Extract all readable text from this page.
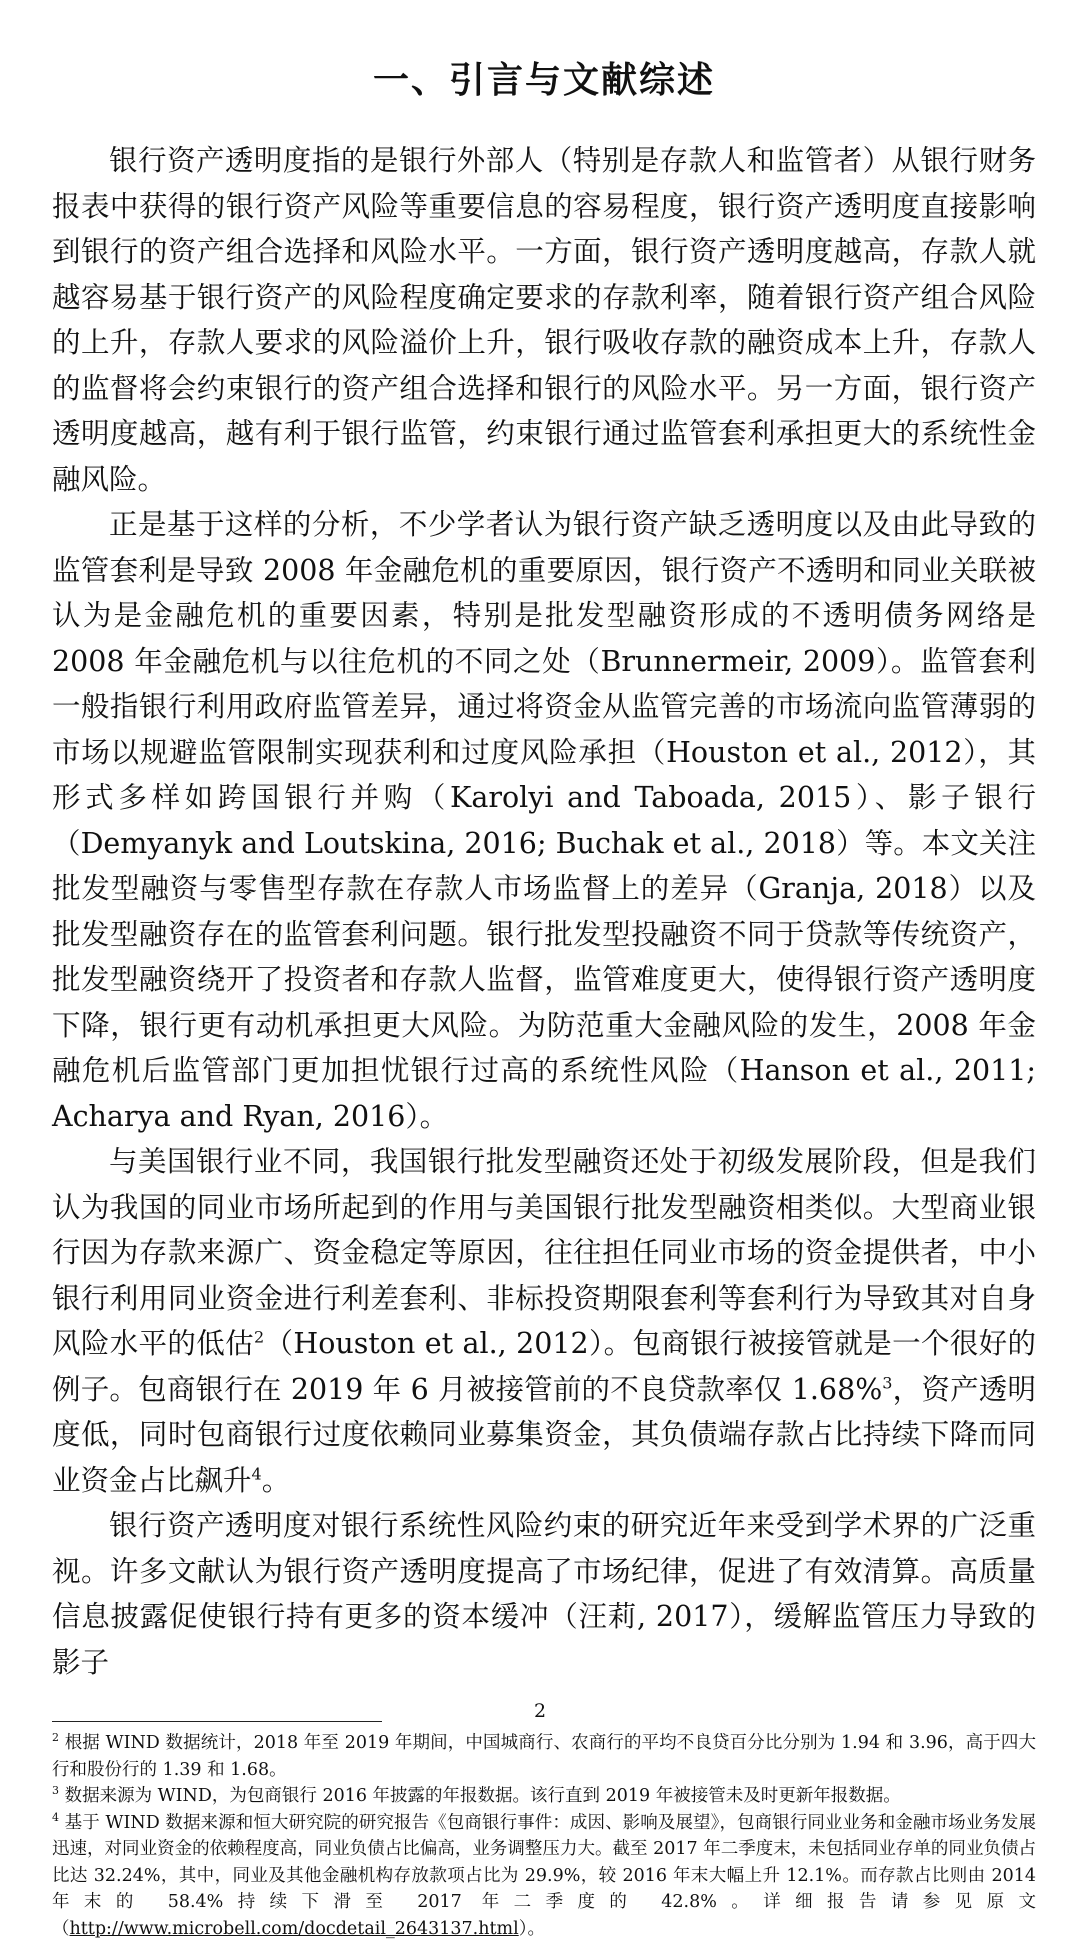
一、引言与文献综述

银行资产透明度指的是银行外部人（特别是存款人和监管者）从银行财务报表中获得的银行资产风险等重要信息的容易程度，银行资产透明度直接影响到银行的资产组合选择和风险水平。一方面，银行资产透明度越高，存款人就越容易基于银行资产的风险程度确定要求的存款利率，随着银行资产组合风险的上升，存款人要求的风险溢价上升，银行吸收存款的融资成本上升，存款人的监督将会约束银行的资产组合选择和银行的风险水平。另一方面，银行资产透明度越高，越有利于银行监管，约束银行通过监管套利承担更大的系统性金融风险。

正是基于这样的分析，不少学者认为银行资产缺乏透明度以及由此导致的监管套利是导致 2008 年金融危机的重要原因，银行资产不透明和同业关联被认为是金融危机的重要因素，特别是批发型融资形成的不透明债务网络是 2008 年金融危机与以往危机的不同之处（Brunnermeir, 2009）。监管套利一般指银行利用政府监管差异，通过将资金从监管完善的市场流向监管薄弱的市场以规避监管限制实现获利和过度风险承担（Houston et al., 2012），其形式多样如跨国银行并购（Karolyi and Taboada, 2015）、影子银行（Demyanyk and Loutskina, 2016; Buchak et al., 2018）等。本文关注批发型融资与零售型存款在存款人市场监督上的差异（Granja, 2018）以及批发型融资存在的监管套利问题。银行批发型投融资不同于贷款等传统资产，批发型融资绕开了投资者和存款人监督，监管难度更大，使得银行资产透明度下降，银行更有动机承担更大风险。为防范重大金融风险的发生，2008 年金融危机后监管部门更加担忧银行过高的系统性风险（Hanson et al., 2011; Acharya and Ryan, 2016）。

与美国银行业不同，我国银行批发型融资还处于初级发展阶段，但是我们认为我国的同业市场所起到的作用与美国银行批发型融资相类似。大型商业银行因为存款来源广、资金稳定等原因，往往担任同业市场的资金提供者，中小银行利用同业资金进行利差套利、非标投资期限套利等套利行为导致其对自身风险水平的低估$^2$（Houston et al., 2012）。包商银行被接管就是一个很好的例子。包商银行在 2019 年 6 月被接管前的不良贷款率仅 1.68%$^3$，资产透明度低，同时包商银行过度依赖同业募集资金，其负债端存款占比持续下降而同业资金占比飙升$^4$。

银行资产透明度对银行系统性风险约束的研究近年来受到学术界的广泛重视。许多文献认为银行资产透明度提高了市场纪律，促进了有效清算。高质量信息披露促使银行持有更多的资本缓冲（汪莉, 2017），缓解监管压力导致的影子

$^2$ 根据 WIND 数据统计，2018 年至 2019 年期间，中国城商行、农商行的平均不良贷百分比分别为 1.94 和 3.96，高于四大行和股份行的 1.39 和 1.68。

$^3$ 数据来源为 WIND，为包商银行 2016 年披露的年报数据。该行直到 2019 年被接管未及时更新年报数据。

$^4$ 基于 WIND 数据来源和恒大研究院的研究报告《包商银行事件：成因、影响及展望》，包商银行同业业务和金融市场业务发展迅速，对同业资金的依赖程度高，同业负债占比偏高，业务调整压力大。截至 2017 年二季度末，未包括同业存单的同业负债占比达 32.24%，其中，同业及其他金融机构存放款项占比为 29.9%，较 2016 年末大幅上升 12.1%。而存款占比则由 2014 年末的 58.4%持续下滑至 2017 年二季度的 42.8%。详细报告请参见原文（http://www.microbell.com/docdetail_2643137.html）。

2
